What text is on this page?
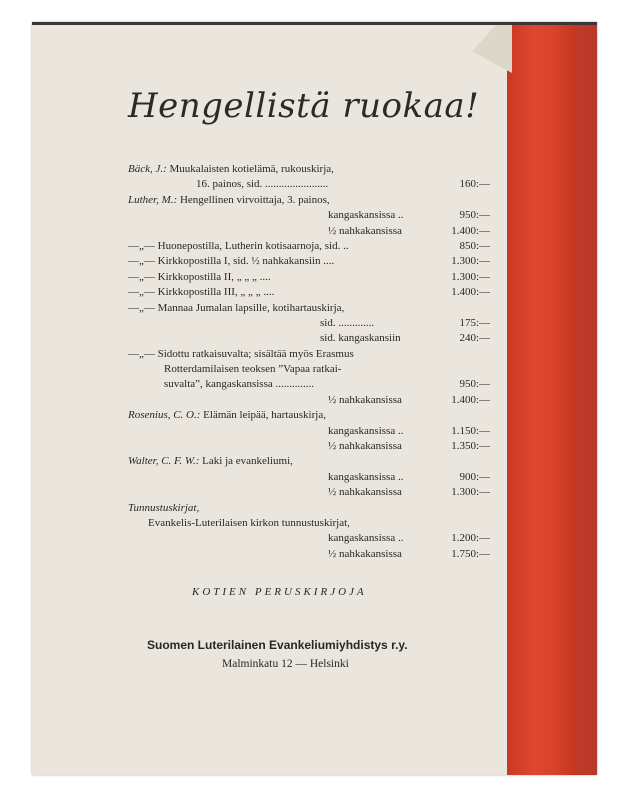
Hengellistä ruokaa!
Bäck, J.: Muukalaisten kotielämä, rukouskirja,
16. painos, sid. .......................	160:—
Luther, M.: Hengellinen virvoittaja, 3. painos,
kangaskansissa ..	950:—
½ nahkakansissa	1.400:—
—„— Huonepostilla, Lutherin kotisaarnoja, sid. ..	850:—
—„— Kirkkopostilla I, sid. ½ nahkakansiin ....	1.300:—
—„— Kirkkopostilla II, „ „ „ ....	1.300:—
—„— Kirkkopostilla III, „ „ „ ....	1.400:—
—„— Mannaa Jumalan lapsille, kotihartauskirja,
sid. .............	175:—
sid. kangaskansiin	240:—
—„— Sidottu ratkaisuvalta; sisältää myös Erasmus
Rotterdamilaisen teoksen ”Vapaa ratkai-
suvalta”, kangaskansissa ..............	950:—
½ nahkakansissa	1.400:—
Rosenius, C. O.: Elämän leipää, hartauskirja,
kangaskansissa ..	1.150:—
½ nahkakansissa	1.350:—
Walter, C. F. W.: Laki ja evankeliumi,
kangaskansissa ..	900:—
½ nahkakansissa	1.300:—
Tunnustuskirjat,
Evankelis-Luterilaisen kirkon tunnustuskirjat,
kangaskansissa ..	1.200:—
½ nahkakansissa	1.750:—
KOTIEN PERUSKIRJOJA
Suomen Luterilainen Evankeliumiyhdistys r.y.
Malminkatu 12 — Helsinki
